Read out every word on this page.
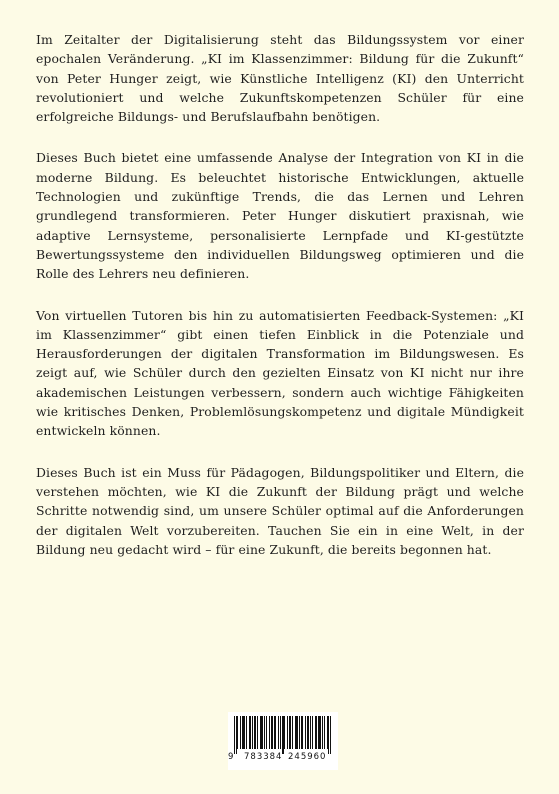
Im Zeitalter der Digitalisierung steht das Bildungssystem vor einer epochalen Veränderung. „KI im Klassenzimmer: Bildung für die Zukunft“ von Peter Hunger zeigt, wie Künstliche Intelligenz (KI) den Unterricht revolutioniert und welche Zukunftskompetenzen Schüler für eine erfolgreiche Bildungs- und Berufslaufbahn benötigen.

Dieses Buch bietet eine umfassende Analyse der Integration von KI in die moderne Bildung. Es beleuchtet historische Entwicklungen, aktuelle Technologien und zukünftige Trends, die das Lernen und Lehren grundlegend transformieren. Peter Hunger diskutiert praxisnah, wie adaptive Lernsysteme, personalisierte Lernpfade und KI-gestützte Bewertungssysteme den individuellen Bildungsweg optimieren und die Rolle des Lehrers neu definieren.

Von virtuellen Tutoren bis hin zu automatisierten Feedback-Systemen: „KI im Klassenzimmer“ gibt einen tiefen Einblick in die Potenziale und Herausforderungen der digitalen Transformation im Bildungswesen. Es zeigt auf, wie Schüler durch den gezielten Einsatz von KI nicht nur ihre akademischen Leistungen verbessern, sondern auch wichtige Fähigkeiten wie kritisches Denken, Problemlösungskompetenz und digitale Mündigkeit entwickeln können.

Dieses Buch ist ein Muss für Pädagogen, Bildungspolitiker und Eltern, die verstehen möchten, wie KI die Zukunft der Bildung prägt und welche Schritte notwendig sind, um unsere Schüler optimal auf die Anforderungen der digitalen Welt vorzubereiten. Tauchen Sie ein in eine Welt, in der Bildung neu gedacht wird – für eine Zukunft, die bereits begonnen hat.

9 783384 245960
